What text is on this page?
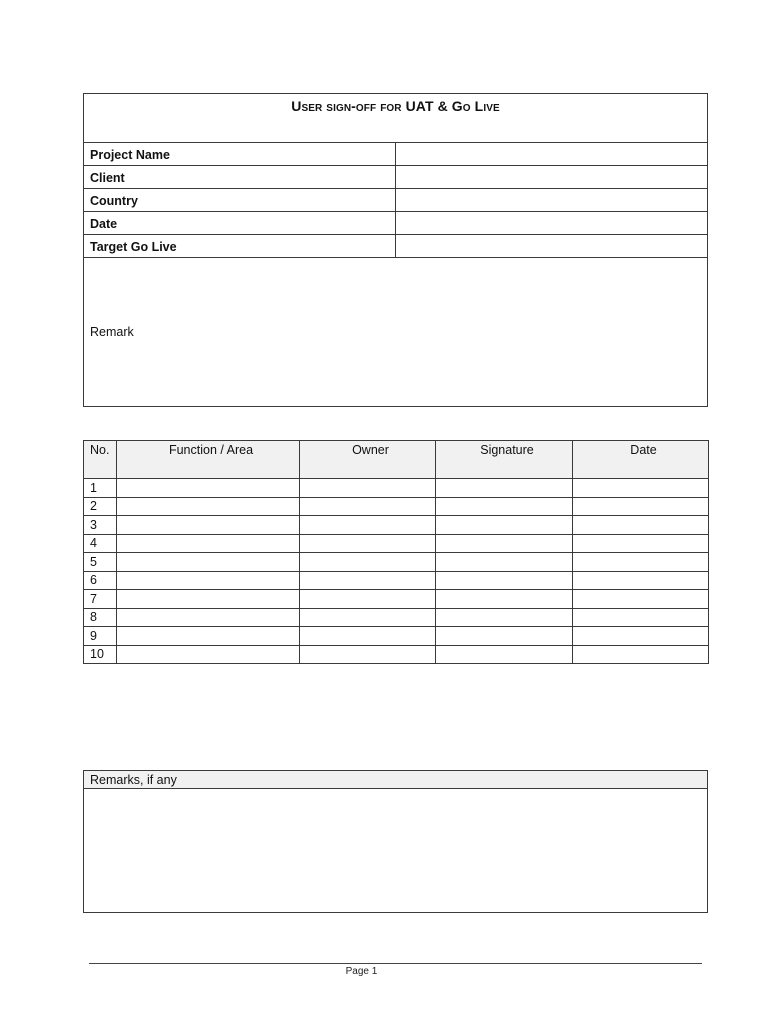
User sign-off for UAT & Go Live	
Project Name	
Client	
Country	
Date	
Target Go Live	
Remark	
No.	Function / Area	Owner	Signature	Date
1				
2				
3				
4				
5				
6				
7				
8				
9				
10				
Remarks, if any

Page 1
